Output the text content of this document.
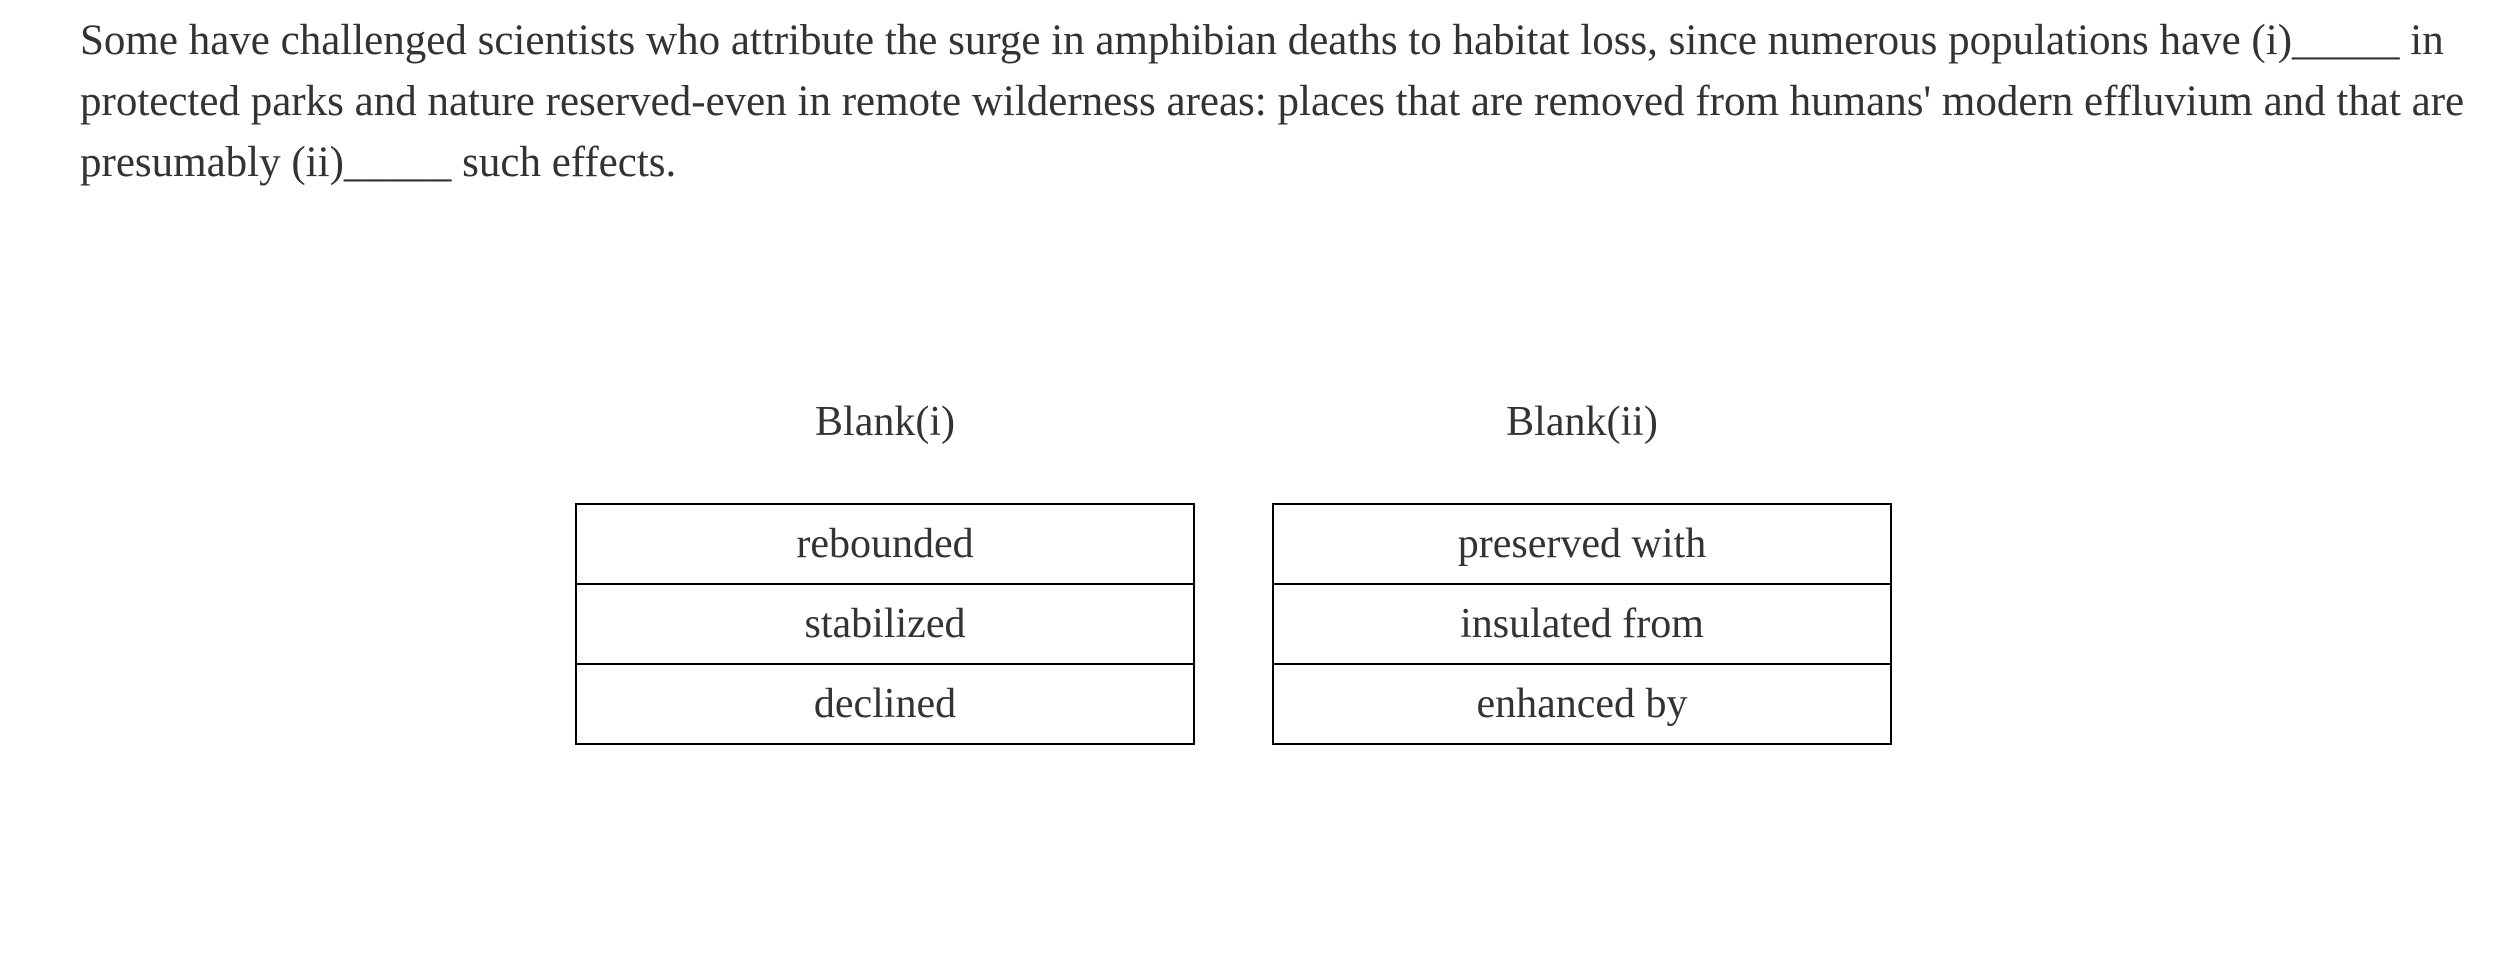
Some have challenged scientists who attribute the surge in amphibian deaths to habitat loss, since numerous populations have (i)_____ in protected parks and nature reserved-even in remote wilderness areas: places that are removed from humans' modern effluvium and that are presumably (ii)_____ such effects.
Blank(i)	Blank(ii)
rebounded
stabilized
declined
preserved with
insulated from
enhanced by
